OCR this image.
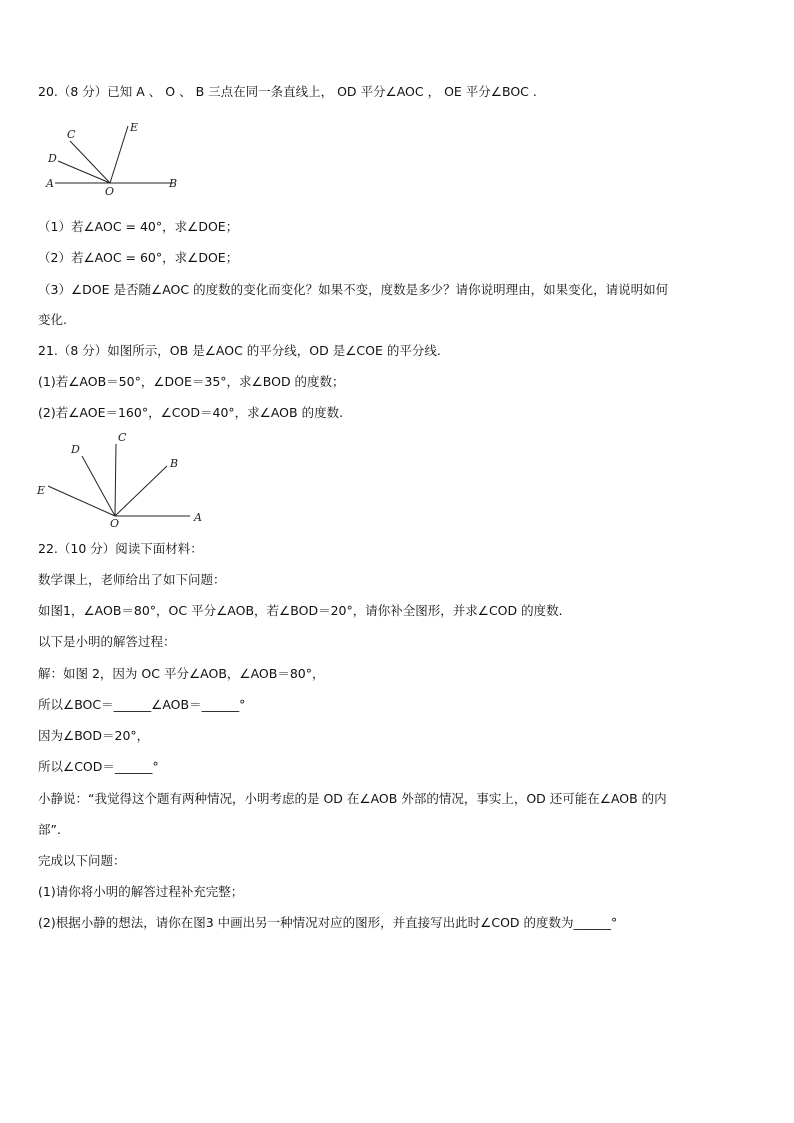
20.（8 分）已知 A 、 O 、 B 三点在同一条直线上， OD 平分∠AOC ， OE 平分∠BOC .
A
O
B
C
D
E
（1）若∠AOC = 40°，求∠DOE；
（2）若∠AOC = 60°，求∠DOE；
（3）∠DOE 是否随∠AOC 的度数的变化而变化？如果不变，度数是多少？请你说明理由，如果变化，请说明如何
变化.
21.（8 分）如图所示，OB 是∠AOC 的平分线，OD 是∠COE 的平分线.
(1)若∠AOB＝50°，∠DOE＝35°，求∠BOD 的度数；
(2)若∠AOE＝160°，∠COD＝40°，求∠AOB 的度数.
A
B
C
D
E
O
22.（10 分）阅读下面材料：
数学课上，老师给出了如下问题：
如图1，∠AOB＝80°，OC 平分∠AOB，若∠BOD＝20°，请你补全图形，并求∠COD 的度数.
以下是小明的解答过程：
解：如图 2，因为 OC 平分∠AOB，∠AOB＝80°，
所以∠BOC＝______∠AOB＝______°
因为∠BOD＝20°，
所以∠COD＝______°
小静说：“我觉得这个题有两种情况，小明考虑的是 OD 在∠AOB 外部的情况，事实上，OD 还可能在∠AOB 的内
部”.
完成以下问题：
(1)请你将小明的解答过程补充完整；
(2)根据小静的想法，请你在图3 中画出另一种情况对应的图形，并直接写出此时∠COD 的度数为______°
